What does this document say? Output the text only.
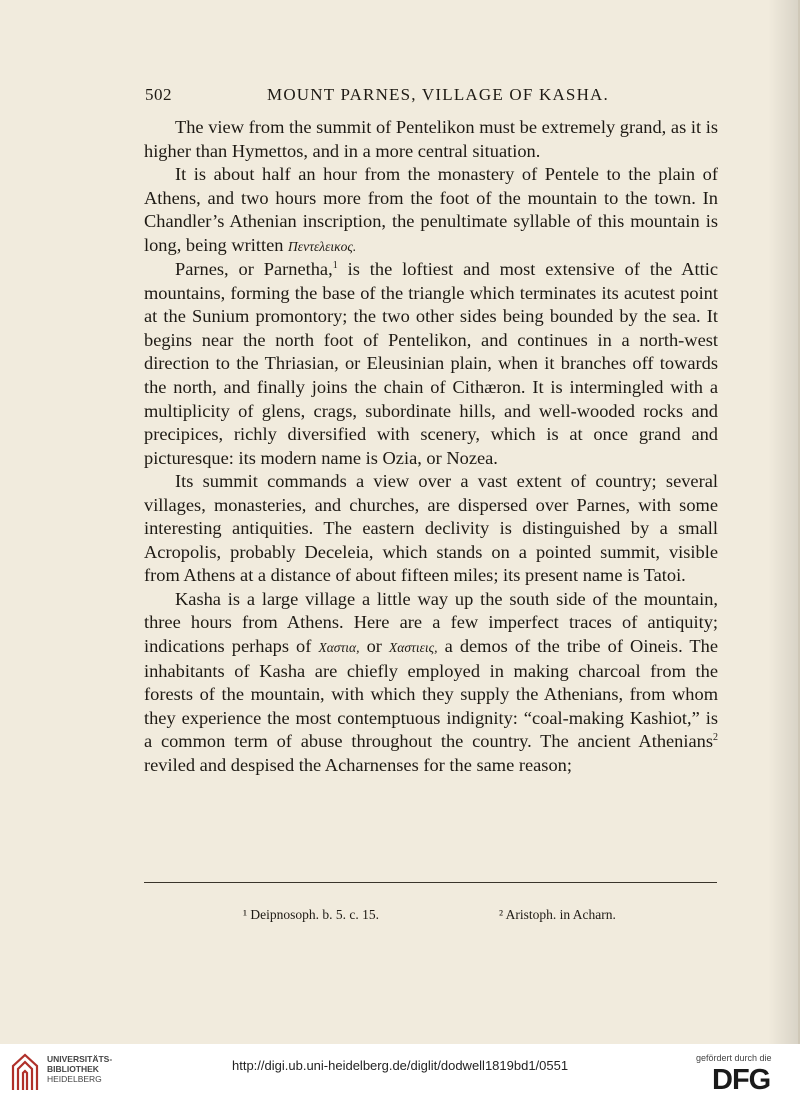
502	MOUNT PARNES, VILLAGE OF KASHA.

The view from the summit of Pentelikon must be extremely grand, as it is higher than Hymettos, and in a more central situation.

It is about half an hour from the monastery of Pentele to the plain of Athens, and two hours more from the foot of the mountain to the town. In Chandler’s Athenian inscription, the penultimate syllable of this mountain is long, being written Πεντελεικος.

Parnes, or Parnetha,$^1$ is the loftiest and most extensive of the Attic mountains, forming the base of the triangle which terminates its acutest point at the Sunium promontory; the two other sides being bounded by the sea. It begins near the north foot of Pentelikon, and continues in a north-west direction to the Thriasian, or Eleusinian plain, when it branches off towards the north, and finally joins the chain of Cithæron. It is intermingled with a multiplicity of glens, crags, subordinate hills, and well-wooded rocks and precipices, richly diversified with scenery, which is at once grand and picturesque: its modern name is Ozia, or Nozea.

Its summit commands a view over a vast extent of country; several villages, monasteries, and churches, are dispersed over Parnes, with some interesting antiquities. The eastern declivity is distinguished by a small Acropolis, probably Deceleia, which stands on a pointed summit, visible from Athens at a distance of about fifteen miles; its present name is Tatoi.

Kasha is a large village a little way up the south side of the mountain, three hours from Athens. Here are a few imperfect traces of antiquity; indications perhaps of Χαστια, or Χαστιεις, a demos of the tribe of Oineis. The inhabitants of Kasha are chiefly employed in making charcoal from the forests of the mountain, with which they supply the Athenians, from whom they experience the most contemptuous indignity: “coal-making Kashiot,” is a common term of abuse throughout the country. The ancient Athenians$^2$ reviled and despised the Acharnenses for the same reason;

¹ Deipnosoph. b. 5. c. 15.	² Aristoph. in Acharn.
UNIVERSITÄTS-
BIBLIOTHEK
HEIDELBERG
http://digi.ub.uni-heidelberg.de/diglit/dodwell1819bd1/0551	gefördert durch die
DFG
